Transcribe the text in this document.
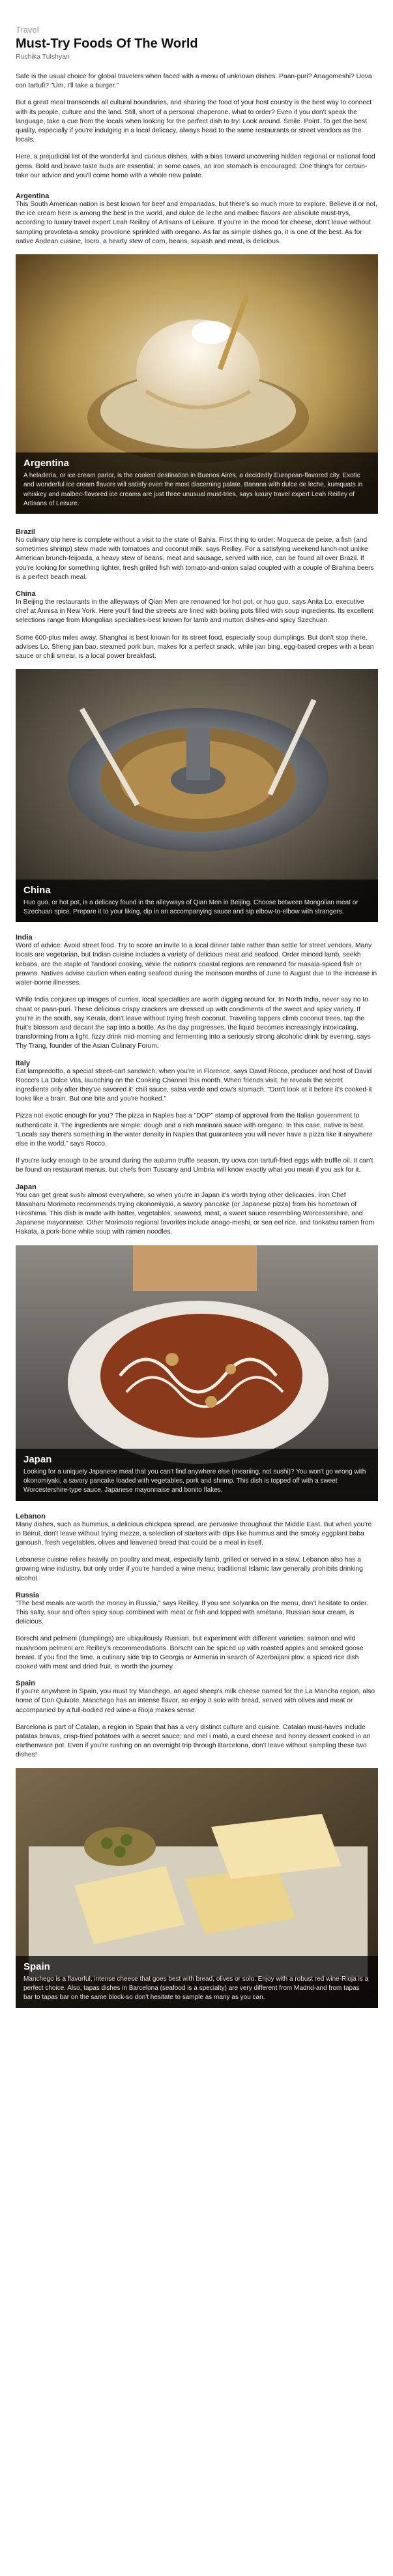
Travel
Must-Try Foods Of The World
Ruchika Tulshyan

Safe is the usual choice for global travelers when faced with a menu of unknown dishes. Paan-puri? Anagomeshi? Uova con tartufi? "Um, I'll take a burger."

But a great meal transcends all cultural boundaries, and sharing the food of your host country is the best way to connect with its people, culture and the land. Still, short of a personal chaperone, what to order? Even if you don't speak the language, take a cue from the locals when looking for the perfect dish to try: Look around. Smile. Point. To get the best quality, especially if you're indulging in a local delicacy, always head to the same restaurants or street vendors as the locals.

Here, a prejudicial list of the wonderful and curious dishes, with a bias toward uncovering hidden regional or national food gems. Bold and brave taste buds are essential; in some cases, an iron stomach is encouraged. One thing's for certain-take our advice and you'll come home with a whole new palate.

Argentina

This South American nation is best known for beef and empanadas, but there's so much more to explore. Believe it or not, the ice cream here is among the best in the world, and dulce de leche and malbec flavors are absolute must-trys, according to luxury travel expert Leah Reilley of Artisans of Leisure. If you're in the mood for cheese, don't leave without sampling provoleta-a smoky provolone sprinkled with oregano. As far as simple dishes go, it is one of the best. As for native Andean cuisine, locro, a hearty stew of corn, beans, squash and meat, is delicious.

Argentina
A heladeria, or ice cream parlor, is the coolest destination in Buenos Aires, a decidedly European-flavored city. Exotic and wonderful ice cream flavors will satisfy even the most discerning palate. Banana with dulce de leche, kumquats in whiskey and malbec-flavored ice creams are just three unusual must-tries, says luxury travel expert Leah Reilley of Artisans of Leisure.
Brazil

No culinary trip here is complete without a visit to the state of Bahia. First thing to order: Moqueca de peixe, a fish (and sometimes shrimp) stew made with tomatoes and coconut milk, says Reilley. For a satisfying weekend lunch-not unlike American brunch-feijoada, a heavy stew of beans, meat and sausage, served with rice, can be found all over Brazil. If you're looking for something lighter, fresh grilled fish with tomato-and-onion salad coupled with a couple of Brahma beers is a perfect beach meal.

China

In Beijing the restaurants in the alleyways of Qian Men are renowned for hot pot, or huo guo, says Anita Lo, executive chef at Annisa in New York. Here you'll find the streets are lined with boiling pots filled with soup ingredients. Its excellent selections range from Mongolian specialties-best known for lamb and mutton dishes-and spicy Szechuan.

Some 600-plus miles away, Shanghai is best known for its street food, especially soup dumplings. But don't stop there, advises Lo. Sheng jian bao, steamed pork bun, makes for a perfect snack, while jian bing, egg-based crepes with a bean sauce or chili smear, is a local power breakfast.

China
Huo guo, or hot pot, is a delicacy found in the alleyways of Qian Men in Beijing. Choose between Mongolian meat or Szechuan spice. Prepare it to your liking, dip in an accompanying sauce and sip elbow-to-elbow with strangers.
India

Word of advice: Avoid street food. Try to score an invite to a local dinner table rather than settle for street vendors. Many locals are vegetarian, but Indian cuisine includes a variety of delicious meat and seafood. Order minced lamb, seekh kebabs, are the staple of Tandoori cooking, while the nation's coastal regions are renowned for masala-spiced fish or prawns. Natives advise caution when eating seafood during the monsoon months of June to August due to the increase in water-borne illnesses.

While India conjures up images of curries, local specialties are worth digging around for. In North India, never say no to chaat or paan-puri. These delicious crispy crackers are dressed up with condiments of the sweet and spicy variety. If you're in the south, say Kerala, don't leave without trying fresh coconut. Traveling tappers climb coconut trees, tap the fruit's blossom and decant the sap into a bottle. As the day progresses, the liquid becomes increasingly intoxicating, transforming from a light, fizzy drink mid-morning and fermenting into a seriously strong alcoholic drink by evening, says Thy Trang, founder of the Asian Culinary Forum.

Italy

Eat lampredotto, a special street-cart sandwich, when you're in Florence, says David Rocco, producer and host of David Rocco's La Dolce Vita, launching on the Cooking Channel this month. When friends visit, he reveals the secret ingredients only after they've savored it: chili sauce, salsa verde and cow's stomach. "Don't look at it before it's cooked-it looks like a brain. But one bite and you're hooked."

Pizza not exotic enough for you? The pizza in Naples has a "DOP" stamp of approval from the Italian government to authenticate it. The ingredients are simple: dough and a rich marinara sauce with oregano. In this case, native is best. "Locals say there's something in the water density in Naples that guarantees you will never have a pizza like it anywhere else in the world," says Rocco.

If you're lucky enough to be around during the autumn truffle season, try uova con tartufi-fried eggs with truffle oil. It can't be found on restaurant menus, but chefs from Tuscany and Umbria will know exactly what you mean if you ask for it.

Japan

You can get great sushi almost everywhere, so when you're in Japan it's worth trying other delicacies. Iron Chef Masaharu Morimoto recommends trying okonomiyaki, a savory pancake (or Japanese pizza) from his hometown of Hiroshima. This dish is made with batter, vegetables, seaweed, meat, a sweet sauce resembling Worcestershire, and Japanese mayonnaise. Other Morimoto regional favorites include anago-meshi, or sea eel rice, and tonkatsu ramen from Hakata, a pork-bone white soup with ramen noodles.

Japan
Looking for a uniquely Japanese meal that you can't find anywhere else (meaning, not sushi)? You won't go wrong with okonomiyaki, a savory pancake loaded with vegetables, pork and shrimp. This dish is topped off with a sweet Worcestershire-type sauce, Japanese mayonnaise and bonito flakes.
Lebanon

Many dishes, such as hummus, a delicious chickpea spread, are pervasive throughout the Middle East. But when you're in Beirut, don't leave without trying mezze, a selection of starters with dips like hummus and the smoky eggplant baba ganoush, fresh vegetables, olives and leavened bread that could be a meal in itself.

Lebanese cuisine relies heavily on poultry and meat, especially lamb, grilled or served in a stew. Lebanon also has a growing wine industry, but only order if you're handed a wine menu; traditional Islamic law generally prohibits drinking alcohol.

Russia

"The best meals are worth the money in Russia," says Reilley. If you see solyanka on the menu, don't hesitate to order. This salty, sour and often spicy soup combined with meat or fish and topped with smetana, Russian sour cream, is delicious.

Borscht and pelmeni (dumplings) are ubiquitously Russian, but experiment with different varieties: salmon and wild mushroom pelmeni are Reilley's recommendations. Borscht can be spiced up with roasted apples and smoked goose breast. If you find the time, a culinary side trip to Georgia or Armenia in search of Azerbaijani plov, a spiced rice dish cooked with meat and dried fruit, is worth the journey.

Spain

If you're anywhere in Spain, you must try Manchego, an aged sheep's milk cheese named for the La Mancha region, also home of Don Quixote. Manchego has an intense flavor, so enjoy it solo with bread, served with olives and meat or accompanied by a full-bodied red wine-a Rioja makes sense.

Barcelona is part of Catalan, a region in Spain that has a very distinct culture and cuisine. Catalan must-haves include patatas bravas, crisp-fried potatoes with a secret sauce; and mel i mató, a curd cheese and honey dessert cooked in an earthenware pot. Even if you're rushing on an overnight trip through Barcelona, don't leave without sampling these two dishes!

Spain
Manchego is a flavorful, intense cheese that goes best with bread, olives or solo. Enjoy with a robust red wine-Rioja is a perfect choice. Also, tapas dishes in Barcelona (seafood is a specialty) are very different from Madrid-and from tapas bar to tapas bar on the same block-so don't hesitate to sample as many as you can.
